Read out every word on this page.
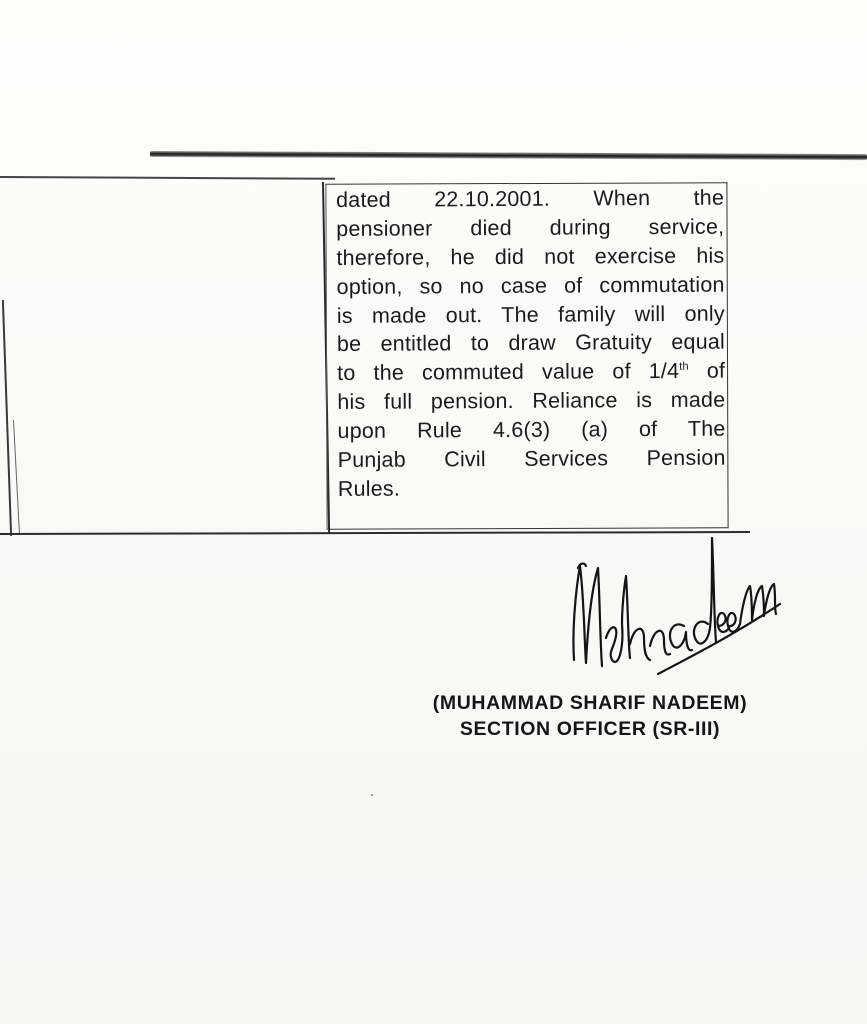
dated 22.10.2001. When the
pensioner died during service,
therefore, he did not exercise his
option, so no case of commutation
is made out. The family will only
be entitled to draw Gratuity equal
to the commuted value of 1/4th of
his full pension. Reliance is made
upon Rule 4.6(3) (a) of The
Punjab Civil Services Pension
Rules.
(MUHAMMAD SHARIF NADEEM)
SECTION OFFICER (SR-III)
